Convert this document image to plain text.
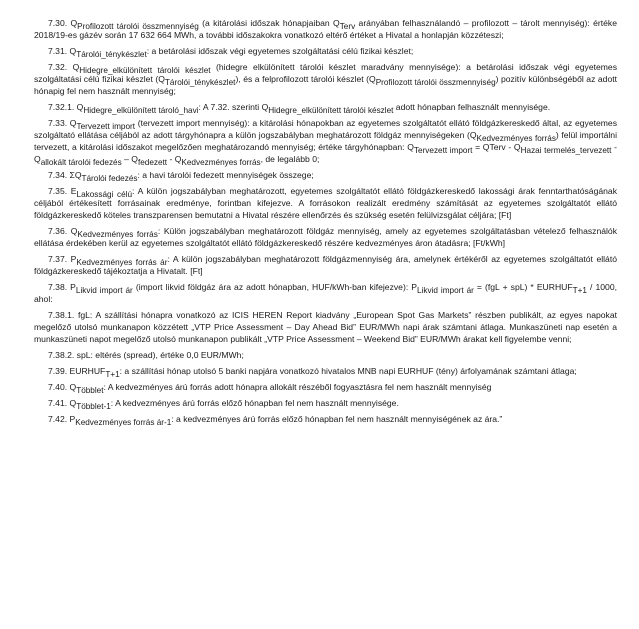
7.30. $Q_{Profilozott tárolói összmennyiség}$ (a kitárolási időszak hónapjaiban $Q_{Terv}$ arányában felhasználandó – profilozott – tárolt mennyiség): értéke 2018/19-es gázév során 17 632 664 MWh, a további időszakokra vonatkozó eltérő értéket a Hivatal a honlapján közzéteszi;

7.31. $Q_{Tárolói\_ténykészlet}$: a betárolási időszak végi egyetemes szolgáltatási célú fizikai készlet;

7.32. $Q_{Hidegre\_elkülönített tárolói készlet}$ (hidegre elkülönített tárolói készlet maradvány mennyisége): a betárolási időszak végi egyetemes szolgáltatási célú fizikai készlet $(Q_{Tárolói\_ténykészlet})$, és a felprofilozott tárolói készlet $(Q_{Profilozott tárolói összmennyiség})$ pozitív különbségéből az adott hónapig fel nem használt mennyiség;

7.32.1. $Q_{Hidegre\_elkülönített tároló\_havi}$: A 7.32. szerinti $Q_{Hidegre\_elkülönített tárolói készlet}$ adott hónapban felhasznált mennyisége.

7.33. $Q_{Tervezett import}$ (tervezett import mennyiség): a kitárolási hónapokban az egyetemes szolgáltatót ellátó földgázkereskedő által, az egyetemes szolgáltató ellátása céljából az adott tárgyhónapra a külön jogszabályban meghatározott földgáz mennyiségeken $(Q_{Kedvezményes forrás})$ felül importálni tervezett, a kitárolási időszakot megelőzően meghatározandó mennyiség; értéke tárgyhónapban: $Q_{Tervezett import}$ = QTerv - $Q_{Hazai termelés\_tervezett} - Q_{allokált tárolói fedezés} - Q_{fedezett} - Q_{Kedvezményes forrás}$, de legalább 0;

7.34. $\Sigma Q_{Tárolói fedezés}$: a havi tárolói fedezett mennyiségek összege;

7.35. $E_{Lakossági célú}$: A külön jogszabályban meghatározott, egyetemes szolgáltatót ellátó földgázkereskedő lakossági árak fenntarthatóságának céljából értékesített forrásainak eredménye, forintban kifejezve. A forrásokon realizált eredmény számítását az egyetemes szolgáltatót ellátó földgázkereskedő köteles transzparensen bemutatni a Hivatal részére ellenőrzés és szükség esetén felülvizsgálat céljára; [Ft]

7.36. $Q_{Kedvezményes forrás}$: Külön jogszabályban meghatározott földgáz mennyiség, amely az egyetemes szolgáltatásban vételező felhasználók ellátása érdekében kerül az egyetemes szolgáltatót ellátó földgázkereskedő részére kedvezményes áron átadásra; [Ft/kWh]

7.37. $P_{Kedvezményes forrás ár}$: A külön jogszabályban meghatározott földgázmennyiség ára, amelynek értékéről az egyetemes szolgáltatót ellátó földgázkereskedő tájékoztatja a Hivatalt. [Ft]

7.38. $P_{Likvid import ár}$ (import likvid földgáz ára az adott hónapban, HUF/kWh-ban kifejezve): $P_{Likvid import ár} = (fgL + spL)$ * $EURHUF_{T+1} / 1000$, ahol:

7.38.1. fgL: A szállítási hónapra vonatkozó az ICIS HEREN Report kiadvány „European Spot Gas Markets” részben publikált, az egyes napokat megelőző utolsó munkanapon közzétett „VTP Price Assessment – Day Ahead Bid” EUR/MWh napi árak számtani átlaga. Munkaszüneti nap esetén a munkaszüneti napot megelőző utolsó munkanapon publikált „VTP Price Assessment – Weekend Bid” EUR/MWh árakat kell figyelembe venni;

7.38.2. spL: eltérés (spread), értéke 0,0 EUR/MWh;

7.39. $EURHUF_{T+1}$: a szállítási hónap utolsó 5 banki napjára vonatkozó hivatalos MNB napi EURHUF (tény) árfolyamának számtani átlaga;

7.40. $Q_{Többlet}$: A kedvezményes árú forrás adott hónapra allokált részéből fogyasztásra fel nem használt mennyiség

7.41. $Q_{Többlet-1}$: A kedvezményes árú forrás előző hónapban fel nem használt mennyisége.

7.42. $P_{Kedvezményes forrás ár-1}$: a kedvezményes árú forrás előző hónapban fel nem használt mennyiségének az ára.”
